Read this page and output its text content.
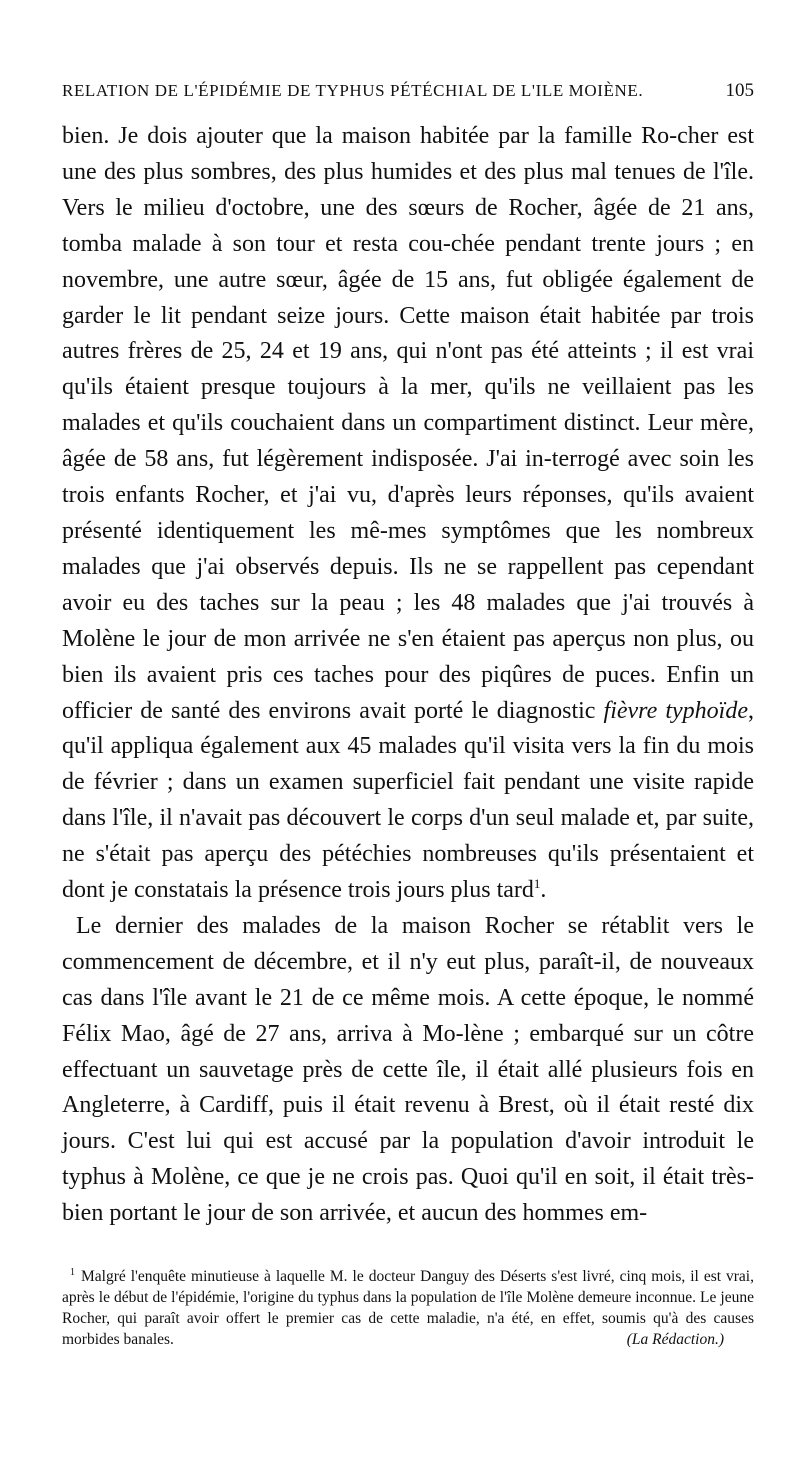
RELATION DE L'ÉPIDÉMIE DE TYPHUS PÉTÉCHIAL DE L'ILE MOIÈNE.	105

bien. Je dois ajouter que la maison habitée par la famille Ro-cher est une des plus sombres, des plus humides et des plus mal tenues de l'île. Vers le milieu d'octobre, une des sœurs de Rocher, âgée de 21 ans, tomba malade à son tour et resta cou-chée pendant trente jours ; en novembre, une autre sœur, âgée de 15 ans, fut obligée également de garder le lit pendant seize jours. Cette maison était habitée par trois autres frères de 25, 24 et 19 ans, qui n'ont pas été atteints ; il est vrai qu'ils étaient presque toujours à la mer, qu'ils ne veillaient pas les malades et qu'ils couchaient dans un compartiment distinct. Leur mère, âgée de 58 ans, fut légèrement indisposée. J'ai in-terrogé avec soin les trois enfants Rocher, et j'ai vu, d'après leurs réponses, qu'ils avaient présenté identiquement les mê-mes symptômes que les nombreux malades que j'ai observés depuis. Ils ne se rappellent pas cependant avoir eu des taches sur la peau ; les 48 malades que j'ai trouvés à Molène le jour de mon arrivée ne s'en étaient pas aperçus non plus, ou bien ils avaient pris ces taches pour des piqûres de puces. Enfin un officier de santé des environs avait porté le diagnostic fièvre typhoïde, qu'il appliqua également aux 45 malades qu'il visita vers la fin du mois de février ; dans un examen superficiel fait pendant une visite rapide dans l'île, il n'avait pas découvert le corps d'un seul malade et, par suite, ne s'était pas aperçu des pétéchies nombreuses qu'ils présentaient et dont je constatais la présence trois jours plus tard$^1$.

Le dernier des malades de la maison Rocher se rétablit vers le commencement de décembre, et il n'y eut plus, paraît-il, de nouveaux cas dans l'île avant le 21 de ce même mois. A cette époque, le nommé Félix Mao, âgé de 27 ans, arriva à Mo-lène ; embarqué sur un côtre effectuant un sauvetage près de cette île, il était allé plusieurs fois en Angleterre, à Cardiff, puis il était revenu à Brest, où il était resté dix jours. C'est lui qui est accusé par la population d'avoir introduit le typhus à Molène, ce que je ne crois pas. Quoi qu'il en soit, il était très-bien portant le jour de son arrivée, et aucun des hommes em-

$^1$ Malgré l'enquête minutieuse à laquelle M. le docteur Danguy des Déserts s'est livré, cinq mois, il est vrai, après le début de l'épidémie, l'origine du typhus dans la population de l'île Molène demeure inconnue. Le jeune Rocher, qui paraît avoir offert le premier cas de cette maladie, n'a été, en effet, soumis qu'à des causes morbides banales.	(La Rédaction.)
